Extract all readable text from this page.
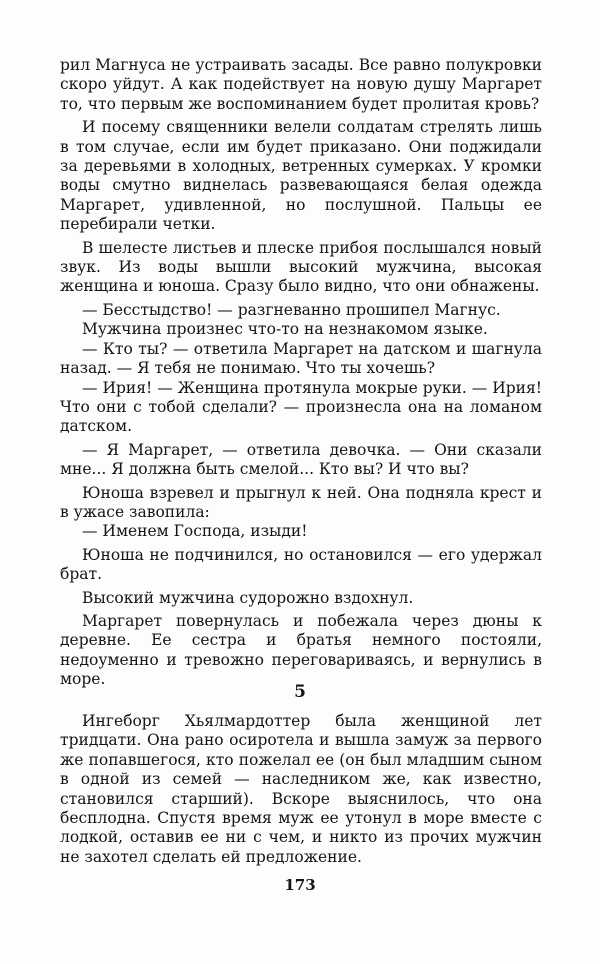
рил Магнуса не устраивать засады. Все равно полукровки скоро уйдут. А как подействует на новую душу Маргарет то, что первым же воспоминанием будет пролитая кровь?

И посему священники велели солдатам стрелять лишь в том случае, если им будет приказано. Они поджидали за деревьями в холодных, ветренных сумерках. У кромки воды смутно виднелась развевающаяся белая одежда Маргарет, удивленной, но послушной. Пальцы ее перебирали четки.

В шелесте листьев и плеске прибоя послышался новый звук. Из воды вышли высокий мужчина, высокая женщина и юноша. Сразу было видно, что они обнажены.

— Бесстыдство! — разгневанно прошипел Магнус.

Мужчина произнес что-то на незнакомом языке.

— Кто ты? — ответила Маргарет на датском и шагнула назад. — Я тебя не понимаю. Что ты хочешь?

— Ирия! — Женщина протянула мокрые руки. — Ирия! Что они с тобой сделали? — произнесла она на ломаном датском.

— Я Маргарет, — ответила девочка. — Они сказали мне... Я должна быть смелой... Кто вы? И что вы?

Юноша взревел и прыгнул к ней. Она подняла крест и в ужасе завопила:

— Именем Господа, изыди!

Юноша не подчинился, но остановился — его удержал брат.

Высокий мужчина судорожно вздохнул.

Маргарет повернулась и побежала через дюны к деревне. Ее сестра и братья немного постояли, недоуменно и тревожно переговариваясь, и вернулись в море.

5

Ингеборг Хьялмардоттер была женщиной лет тридцати. Она рано осиротела и вышла замуж за первого же попавшегося, кто пожелал ее (он был младшим сыном в одной из семей — наследником же, как известно, становился старший). Вскоре выяснилось, что она бесплодна. Спустя время муж ее утонул в море вместе с лодкой, оставив ее ни с чем, и никто из прочих мужчин не захотел сделать ей предложение.

173
